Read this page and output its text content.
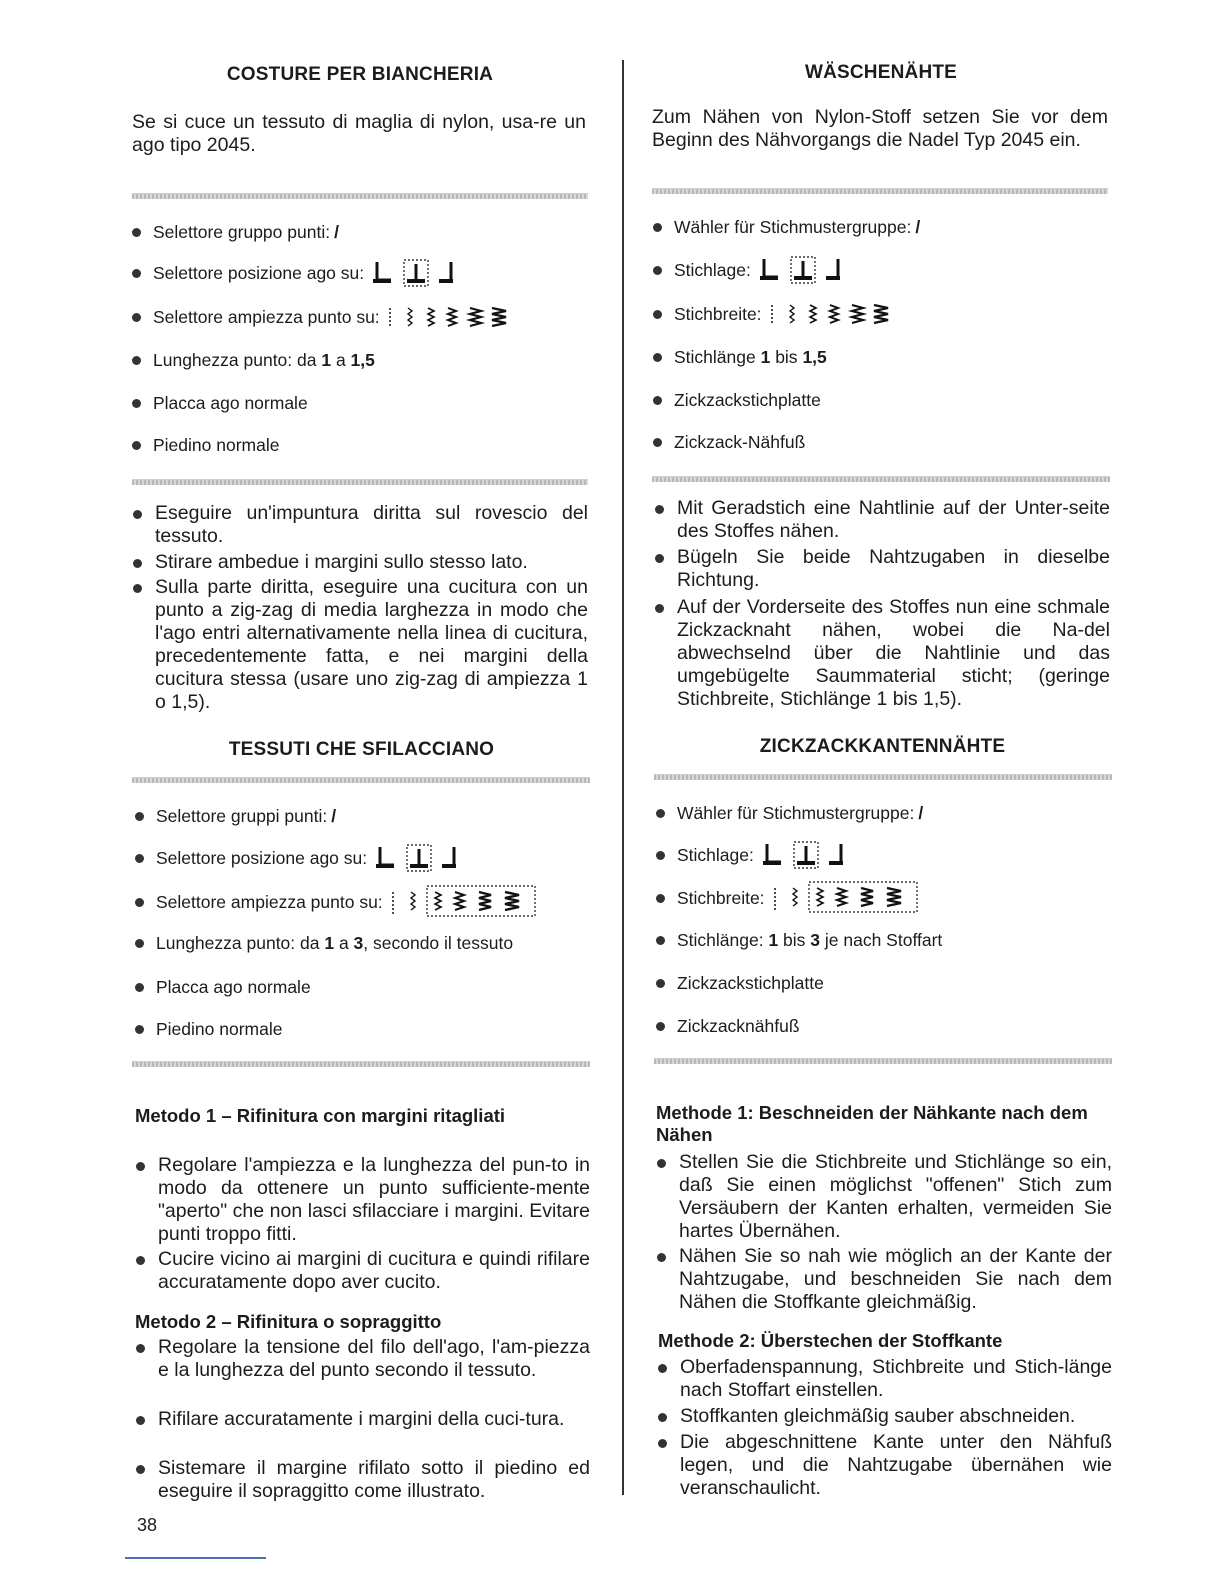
COSTURE PER BIANCHERIA
Se si cuce un tessuto di maglia di nylon, usa-re un ago tipo 2045.
Selettore gruppo punti: /
Selettore posizione ago su:
Selettore ampiezza punto su:
Lunghezza punto: da 1 a 1,5
Placca ago normale
Piedino normale
Eseguire un'impuntura diritta sul rovescio del tessuto.
Stirare ambedue i margini sullo stesso lato.
Sulla parte diritta, eseguire una cucitura con un punto a zig-zag di media larghezza in modo che l'ago entri alternativamente nella linea di cucitura, precedentemente fatta, e nei margini della cucitura stessa (usare uno zig-zag di ampiezza 1 o 1,5).
TESSUTI CHE SFILACCIANO
Selettore gruppi punti: /
Selettore posizione ago su:
Selettore ampiezza punto su:
Lunghezza punto: da 1 a 3 , secondo il tessuto
Placca ago normale
Piedino normale
Metodo 1 – Rifinitura con margini ritagliati
Regolare l'ampiezza e la lunghezza del pun-to in modo da ottenere un punto sufficiente-mente "aperto" che non lasci sfilacciare i margini. Evitare punti troppo fitti.
Cucire vicino ai margini di cucitura e quindi rifilare accuratamente dopo aver cucito.
Metodo 2 – Rifinitura o sopraggitto
Regolare la tensione del filo dell'ago, l'am-piezza e la lunghezza del punto secondo il tessuto.
Rifilare accuratamente i margini della cuci-tura.
Sistemare il margine rifilato sotto il piedino ed eseguire il sopraggitto come illustrato.
WÄSCHENÄHTE
Zum Nähen von Nylon-Stoff setzen Sie vor dem Beginn des Nähvorgangs die Nadel Typ 2045 ein.
Wähler für Stichmustergruppe: /
Stichlage:
Stichbreite:
Stichlänge 1 bis 1,5
Zickzackstichplatte
Zickzack-Nähfuß
Mit Geradstich eine Nahtlinie auf der Unter-seite des Stoffes nähen.
Bügeln Sie beide Nahtzugaben in dieselbe Richtung.
Auf der Vorderseite des Stoffes nun eine schmale Zickzacknaht nähen, wobei die Na-del abwechselnd über die Nahtlinie und das umgebügelte Saummaterial sticht; (geringe Stichbreite, Stichlänge 1 bis 1,5).
ZICKZACKKANTENNÄHTE
Wähler für Stichmustergruppe: /
Stichlage:
Stichbreite:
Stichlänge: 1 bis 3 je nach Stoffart
Zickzackstichplatte
Zickzacknähfuß
Methode 1: Beschneiden der Nähkante nach dem Nähen
Stellen Sie die Stichbreite und Stichlänge so ein, daß Sie einen möglichst "offenen" Stich zum Versäubern der Kanten erhalten, vermeiden Sie hartes Übernähen.
Nähen Sie so nah wie möglich an der Kante der Nahtzugabe, und beschneiden Sie nach dem Nähen die Stoffkante gleichmäßig.
Methode 2: Überstechen der Stoffkante
Oberfadenspannung, Stichbreite und Stich-länge nach Stoffart einstellen.
Stoffkanten gleichmäßig sauber abschneiden.
Die abgeschnittene Kante unter den Nähfuß legen, und die Nahtzugabe übernähen wie veranschaulicht.
38
